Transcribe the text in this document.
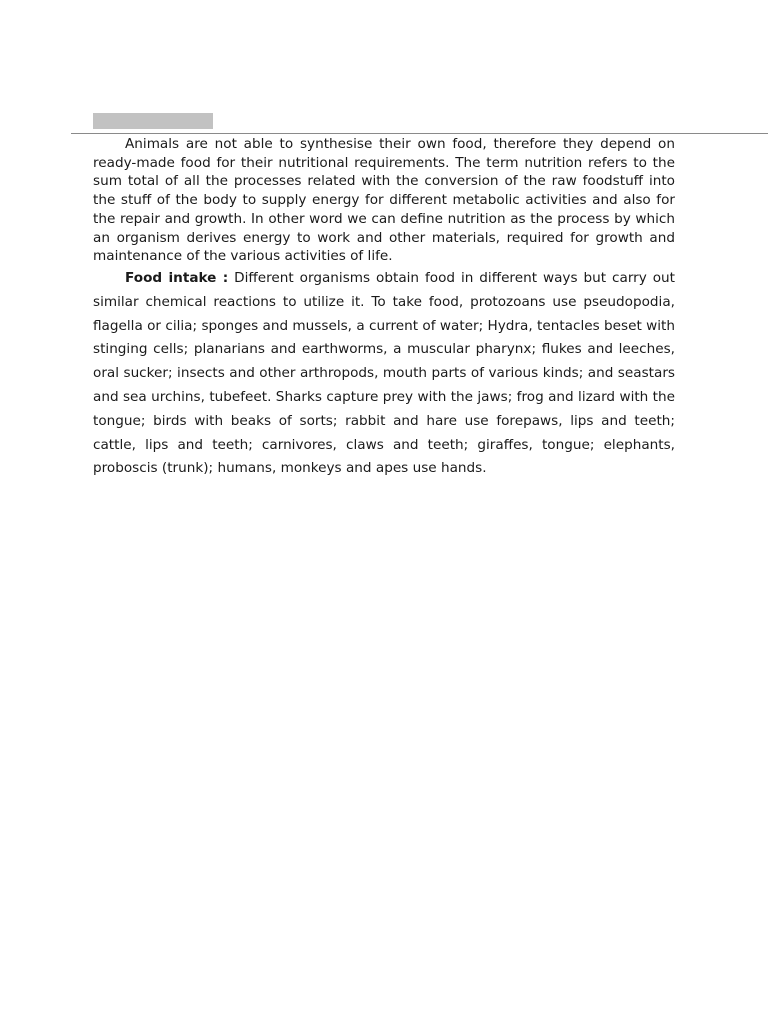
Animals are not able to synthesise their own food, therefore they depend on ready-made food for their nutritional requirements. The term nutrition refers to the sum total of all the processes related with the conversion of the raw foodstuff into the stuff of the body to supply energy for different metabolic activities and also for the repair and growth. In other word we can define nutrition as the process by which an organism derives energy to work and other materials, required for growth and maintenance of the various activities of life.

Food intake : Different organisms obtain food in different ways but carry out similar chemical reactions to utilize it. To take food, protozoans use pseudopodia, flagella or cilia; sponges and mussels, a current of water; Hydra, tentacles beset with stinging cells; planarians and earthworms, a muscular pharynx; flukes and leeches, oral sucker; insects and other arthropods, mouth parts of various kinds; and seastars and sea urchins, tubefeet. Sharks capture prey with the jaws; frog and lizard with the tongue; birds with beaks of sorts; rabbit and hare use forepaws, lips and teeth; cattle, lips and teeth; carnivores, claws and teeth; giraffes, tongue; elephants, proboscis (trunk); humans, monkeys and apes use hands.
